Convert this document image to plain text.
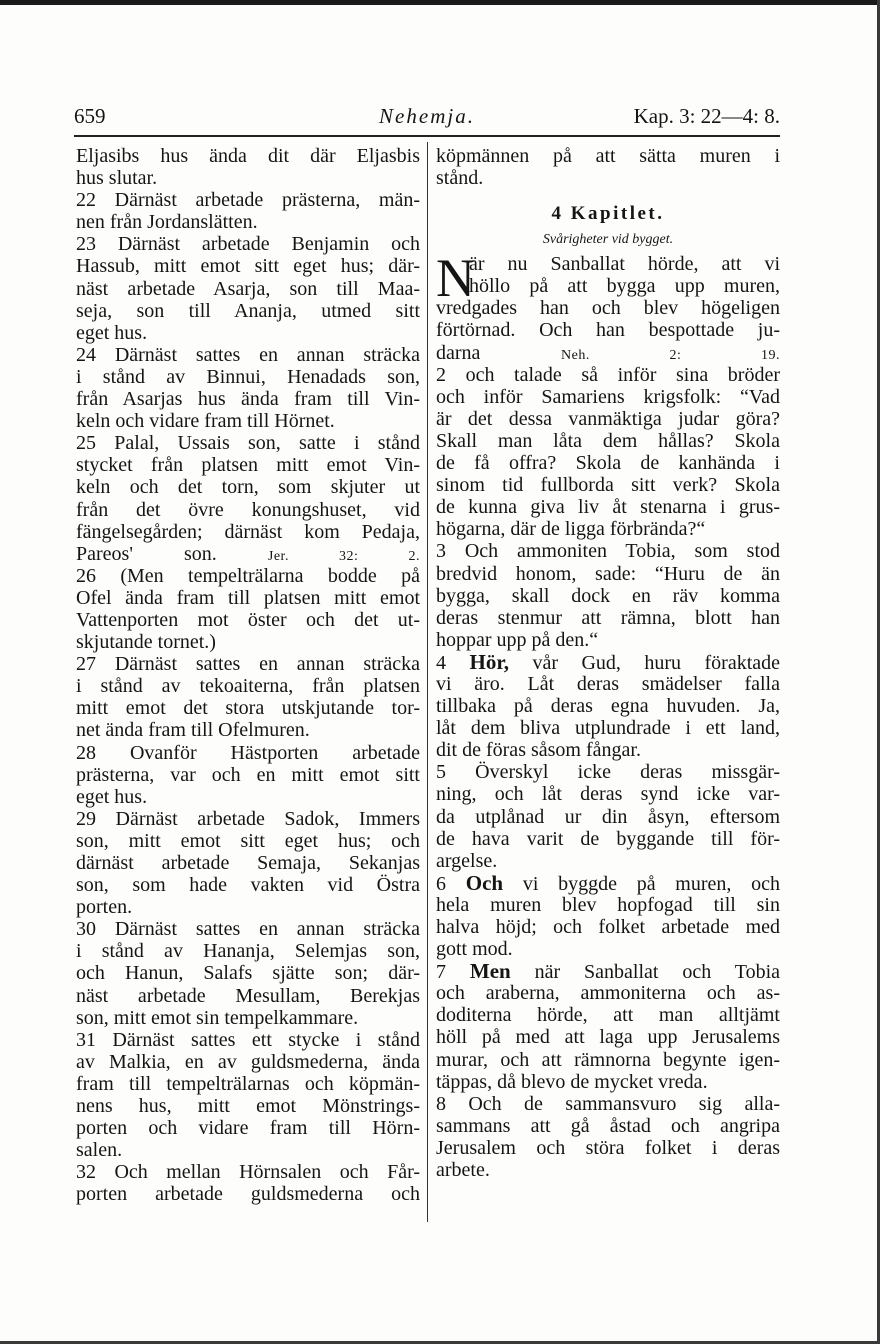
659	Nehemja.	Kap. 3: 22—4: 8.
Eljasibs hus ända dit där Eljasbis
hus slutar.
22 Därnäst arbetade prästerna, män-
nen från Jordanslätten.
23 Därnäst arbetade Benjamin och
Hassub, mitt emot sitt eget hus; där-
näst arbetade Asarja, son till Maa-
seja, son till Ananja, utmed sitt
eget hus.
24 Därnäst sattes en annan sträcka
i stånd av Binnui, Henadads son,
från Asarjas hus ända fram till Vin-
keln och vidare fram till Hörnet.
25 Palal, Ussais son, satte i stånd
stycket från platsen mitt emot Vin-
keln och det torn, som skjuter ut
från det övre konungshuset, vid
fängelsegården; därnäst kom Pedaja,
Pareos' son.	Jer. 32: 2.
26 (Men tempelträlarna bodde på
Ofel ända fram till platsen mitt emot
Vattenporten mot öster och det ut-
skjutande tornet.)
27 Därnäst sattes en annan sträcka
i stånd av tekoaiterna, från platsen
mitt emot det stora utskjutande tor-
net ända fram till Ofelmuren.
28 Ovanför Hästporten arbetade
prästerna, var och en mitt emot sitt
eget hus.
29 Därnäst arbetade Sadok, Immers
son, mitt emot sitt eget hus; och
därnäst arbetade Semaja, Sekanjas
son, som hade vakten vid Östra
porten.
30 Därnäst sattes en annan sträcka
i stånd av Hananja, Selemjas son,
och Hanun, Salafs sjätte son; där-
näst arbetade Mesullam, Berekjas
son, mitt emot sin tempelkammare.
31 Därnäst sattes ett stycke i stånd
av Malkia, en av guldsmederna, ända
fram till tempelträlarnas och köpmän-
nens hus, mitt emot Mönstrings-
porten och vidare fram till Hörn-
salen.
32 Och mellan Hörnsalen och Får-
porten arbetade guldsmederna och
köpmännen på att sätta muren i
stånd.
4 Kapitlet.
Svårigheter vid bygget.
N
är nu Sanballat hörde, att vi
höllo på att bygga upp muren,
vredgades han och blev högeligen
förtörnad. Och han bespottade ju-
darna	Neh. 2: 19.
2 och talade så inför sina bröder
och inför Samariens krigsfolk: “Vad
är det dessa vanmäktiga judar göra?
Skall man låta dem hållas? Skola
de få offra? Skola de kanhända i
sinom tid fullborda sitt verk? Skola
de kunna giva liv åt stenarna i grus-
högarna, där de ligga förbrända?“
3 Och ammoniten Tobia, som stod
bredvid honom, sade: “Huru de än
bygga, skall dock en räv komma
deras stenmur att rämna, blott han
hoppar upp på den.“
4 Hör, vår Gud, huru föraktade
vi äro. Låt deras smädelser falla
tillbaka på deras egna huvuden. Ja,
låt dem bliva utplundrade i ett land,
dit de föras såsom fångar.
5 Överskyl icke deras missgär-
ning, och låt deras synd icke var-
da utplånad ur din åsyn, eftersom
de hava varit de byggande till för-
argelse.
6 Och vi byggde på muren, och
hela muren blev hopfogad till sin
halva höjd; och folket arbetade med
gott mod.
7 Men när Sanballat och Tobia
och araberna, ammoniterna och as-
doditerna hörde, att man alltjämt
höll på med att laga upp Jerusalems
murar, och att rämnorna begynte igen-
täppas, då blevo de mycket vreda.
8 Och de sammansvuro sig alla-
sammans att gå åstad och angripa
Jerusalem och störa folket i deras
arbete.
